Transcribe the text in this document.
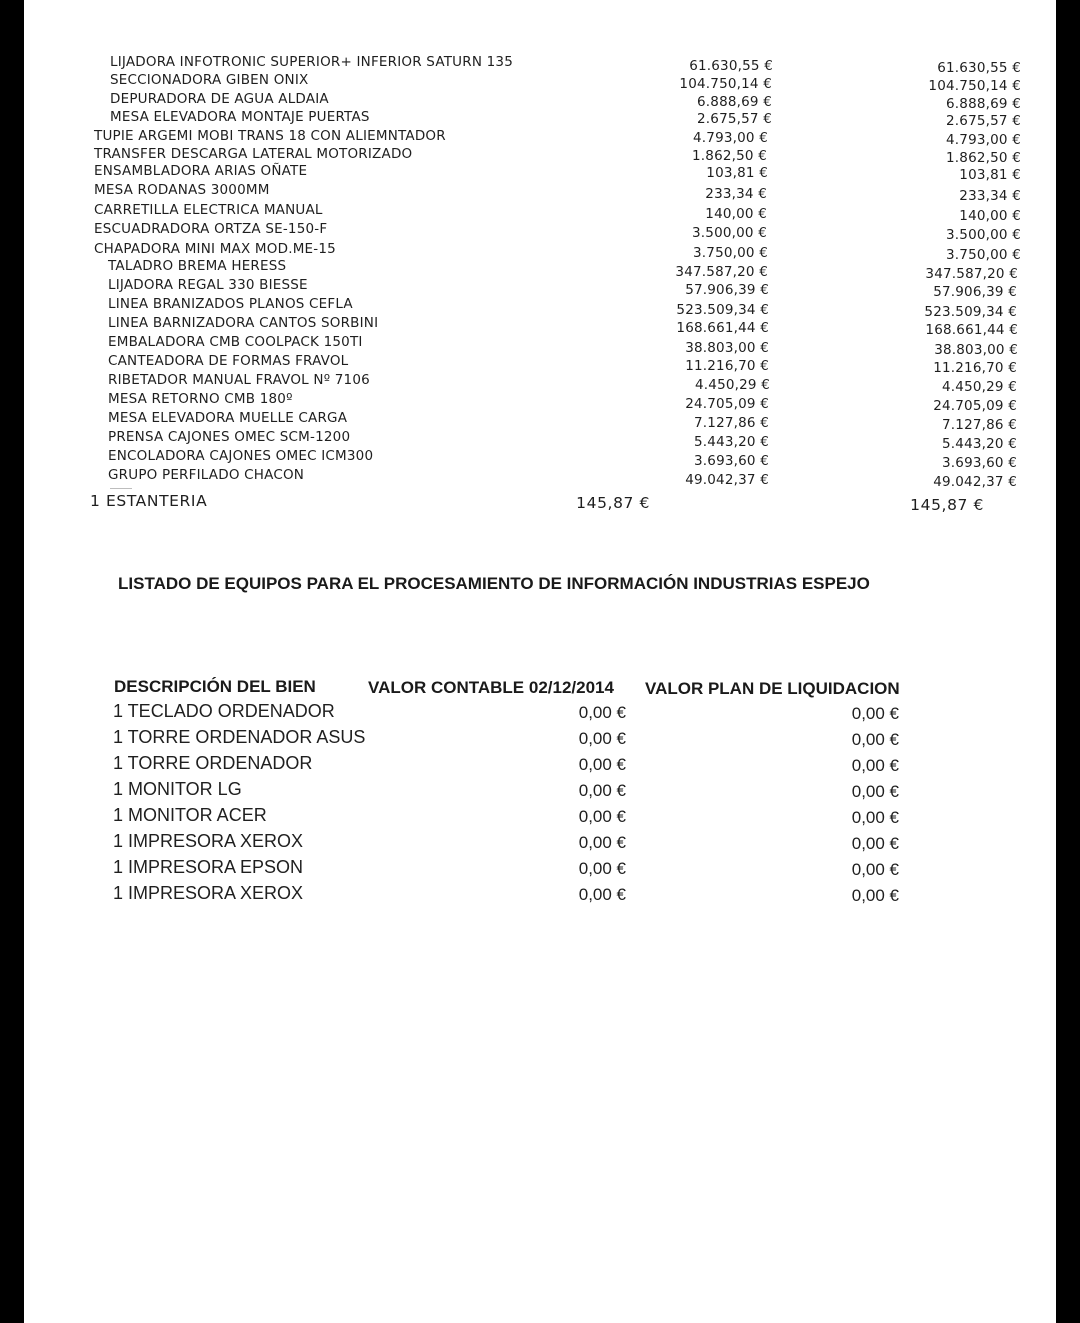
LIJADORA INFOTRONIC SUPERIOR+ INFERIOR SATURN 135	61.630,55 €	61.630,55 €
SECCIONADORA GIBEN ONIX	104.750,14 €	104.750,14 €
DEPURADORA DE AGUA ALDAIA	6.888,69 €	6.888,69 €
MESA ELEVADORA MONTAJE PUERTAS	2.675,57 €	2.675,57 €
TUPIE ARGEMI MOBI TRANS 18 CON ALIEMNTADOR	4.793,00 €	4.793,00 €
TRANSFER DESCARGA LATERAL MOTORIZADO	1.862,50 €	1.862,50 €
ENSAMBLADORA ARIAS OÑATE	103,81 €	103,81 €
MESA RODANAS 3000MM	233,34 €	233,34 €
CARRETILLA ELECTRICA MANUAL	140,00 €	140,00 €
ESCUADRADORA ORTZA SE-150-F	3.500,00 €	3.500,00 €
CHAPADORA MINI MAX MOD.ME-15	3.750,00 €	3.750,00 €
TALADRO BREMA HERESS	347.587,20 €	347.587,20 €
LIJADORA REGAL 330 BIESSE	57.906,39 €	57.906,39 €
LINEA BRANIZADOS PLANOS CEFLA	523.509,34 €	523.509,34 €
LINEA BARNIZADORA CANTOS SORBINI	168.661,44 €	168.661,44 €
EMBALADORA CMB COOLPACK 150TI	38.803,00 €	38.803,00 €
CANTEADORA DE FORMAS FRAVOL	11.216,70 €	11.216,70 €
RIBETADOR MANUAL FRAVOL Nº 7106	4.450,29 €	4.450,29 €
MESA RETORNO CMB 180º	24.705,09 €	24.705,09 €
MESA ELEVADORA MUELLE CARGA	7.127,86 €	7.127,86 €
PRENSA CAJONES OMEC SCM-1200	5.443,20 €	5.443,20 €
ENCOLADORA CAJONES OMEC ICM300	3.693,60 €	3.693,60 €
GRUPO PERFILADO CHACON	49.042,37 €	49.042,37 €
1 ESTANTERIA	145,87 €	145,87 €
LISTADO DE EQUIPOS PARA EL PROCESAMIENTO DE INFORMACIÓN INDUSTRIAS ESPEJO
DESCRIPCIÓN DEL BIEN	VALOR CONTABLE 02/12/2014 VALOR PLAN DE LIQUIDACION
1 TECLADO ORDENADOR	0,00 €	0,00 €
1 TORRE ORDENADOR ASUS	0,00 €	0,00 €
1 TORRE ORDENADOR	0,00 €	0,00 €
1 MONITOR LG	0,00 €	0,00 €
1 MONITOR ACER	0,00 €	0,00 €
1 IMPRESORA XEROX	0,00 €	0,00 €
1 IMPRESORA EPSON	0,00 €	0,00 €
1 IMPRESORA XEROX	0,00 €	0,00 €
